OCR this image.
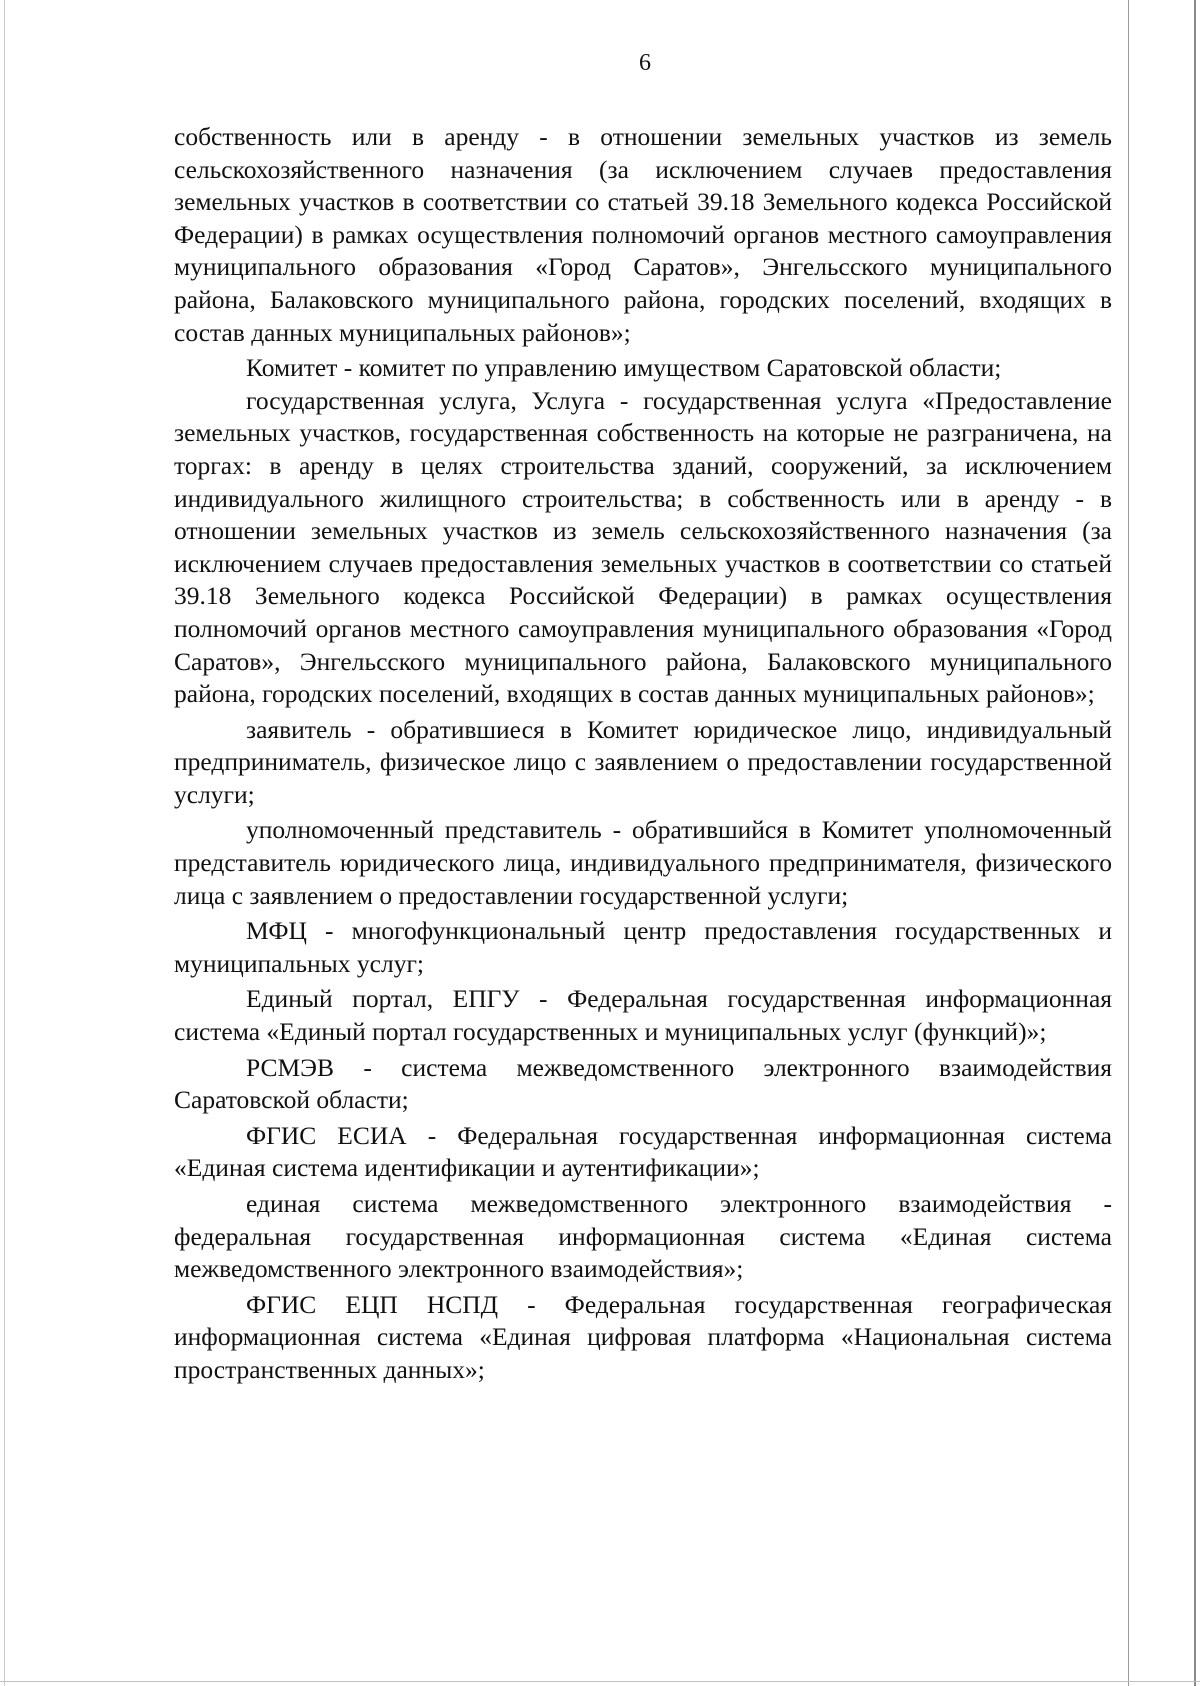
6

собственность или в аренду - в отношении земельных участков из земель сельскохозяйственного назначения (за исключением случаев предоставления земельных участков в соответствии со статьей 39.18 Земельного кодекса Российской Федерации) в рамках осуществления полномочий органов местного самоуправления муниципального образования «Город Саратов», Энгельсского муниципального района, Балаковского муниципального района, городских поселений, входящих в состав данных муниципальных районов»;

Комитет - комитет по управлению имуществом Саратовской области;

государственная услуга, Услуга - государственная услуга «Предоставление земельных участков, государственная собственность на которые не разграничена, на торгах: в аренду в целях строительства зданий, сооружений, за исключением индивидуального жилищного строительства; в собственность или в аренду - в отношении земельных участков из земель сельскохозяйственного назначения (за исключением случаев предоставления земельных участков в соответствии со статьей 39.18 Земельного кодекса Российской Федерации) в рамках осуществления полномочий органов местного самоуправления муниципального образования «Город Саратов», Энгельсского муниципального района, Балаковского муниципального района, городских поселений, входящих в состав данных муниципальных районов»;

заявитель - обратившиеся в Комитет юридическое лицо, индивидуальный предприниматель, физическое лицо с заявлением о предоставлении государственной услуги;

уполномоченный представитель - обратившийся в Комитет уполномоченный представитель юридического лица, индивидуального предпринимателя, физического лица с заявлением о предоставлении государственной услуги;

МФЦ - многофункциональный центр предоставления государственных и муниципальных услуг;

Единый портал, ЕПГУ - Федеральная государственная информационная система «Единый портал государственных и муниципальных услуг (функций)»;

РСМЭВ - система межведомственного электронного взаимодействия Саратовской области;

ФГИС ЕСИА - Федеральная государственная информационная система «Единая система идентификации и аутентификации»;

единая система межведомственного электронного взаимодействия - федеральная государственная информационная система «Единая система межведомственного электронного взаимодействия»;

ФГИС ЕЦП НСПД - Федеральная государственная географическая информационная система «Единая цифровая платформа «Национальная система пространственных данных»;
